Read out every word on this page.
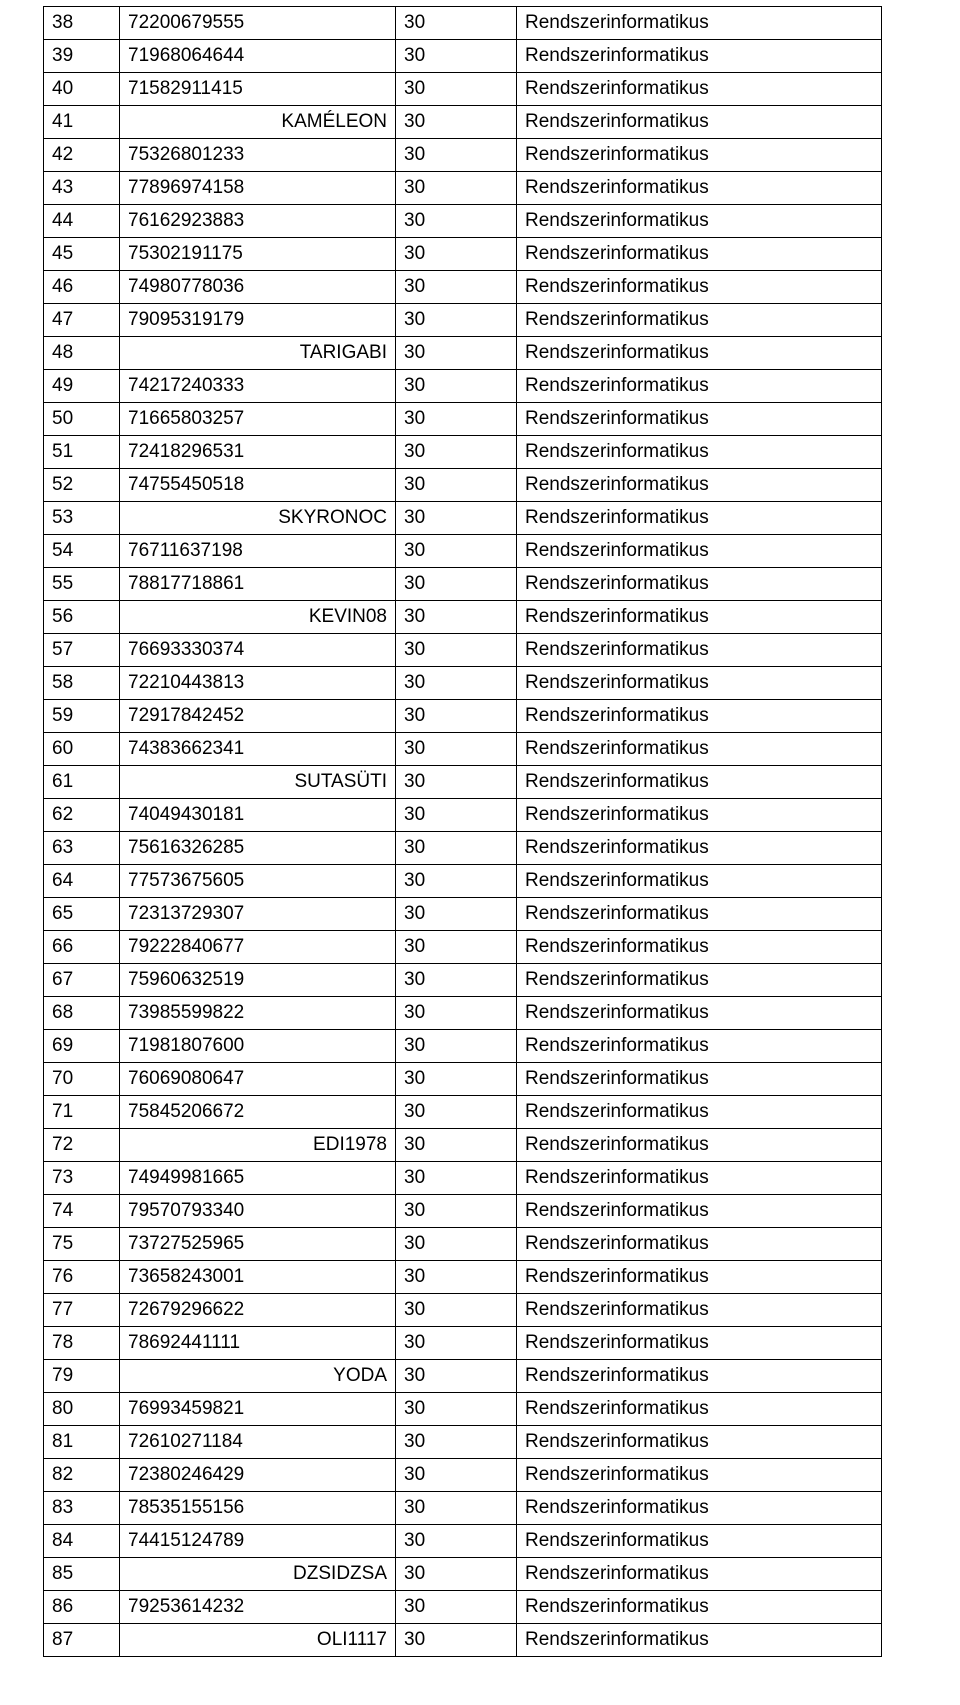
38	72200679555	30	Rendszerinformatikus
39	71968064644	30	Rendszerinformatikus
40	71582911415	30	Rendszerinformatikus
41	KAMÉLEON	30	Rendszerinformatikus
42	75326801233	30	Rendszerinformatikus
43	77896974158	30	Rendszerinformatikus
44	76162923883	30	Rendszerinformatikus
45	75302191175	30	Rendszerinformatikus
46	74980778036	30	Rendszerinformatikus
47	79095319179	30	Rendszerinformatikus
48	TARIGABI	30	Rendszerinformatikus
49	74217240333	30	Rendszerinformatikus
50	71665803257	30	Rendszerinformatikus
51	72418296531	30	Rendszerinformatikus
52	74755450518	30	Rendszerinformatikus
53	SKYRONOC	30	Rendszerinformatikus
54	76711637198	30	Rendszerinformatikus
55	78817718861	30	Rendszerinformatikus
56	KEVIN08	30	Rendszerinformatikus
57	76693330374	30	Rendszerinformatikus
58	72210443813	30	Rendszerinformatikus
59	72917842452	30	Rendszerinformatikus
60	74383662341	30	Rendszerinformatikus
61	SUTASÜTI	30	Rendszerinformatikus
62	74049430181	30	Rendszerinformatikus
63	75616326285	30	Rendszerinformatikus
64	77573675605	30	Rendszerinformatikus
65	72313729307	30	Rendszerinformatikus
66	79222840677	30	Rendszerinformatikus
67	75960632519	30	Rendszerinformatikus
68	73985599822	30	Rendszerinformatikus
69	71981807600	30	Rendszerinformatikus
70	76069080647	30	Rendszerinformatikus
71	75845206672	30	Rendszerinformatikus
72	EDI1978	30	Rendszerinformatikus
73	74949981665	30	Rendszerinformatikus
74	79570793340	30	Rendszerinformatikus
75	73727525965	30	Rendszerinformatikus
76	73658243001	30	Rendszerinformatikus
77	72679296622	30	Rendszerinformatikus
78	78692441111	30	Rendszerinformatikus
79	YODA	30	Rendszerinformatikus
80	76993459821	30	Rendszerinformatikus
81	72610271184	30	Rendszerinformatikus
82	72380246429	30	Rendszerinformatikus
83	78535155156	30	Rendszerinformatikus
84	74415124789	30	Rendszerinformatikus
85	DZSIDZSA	30	Rendszerinformatikus
86	79253614232	30	Rendszerinformatikus
87	OLI1117	30	Rendszerinformatikus
